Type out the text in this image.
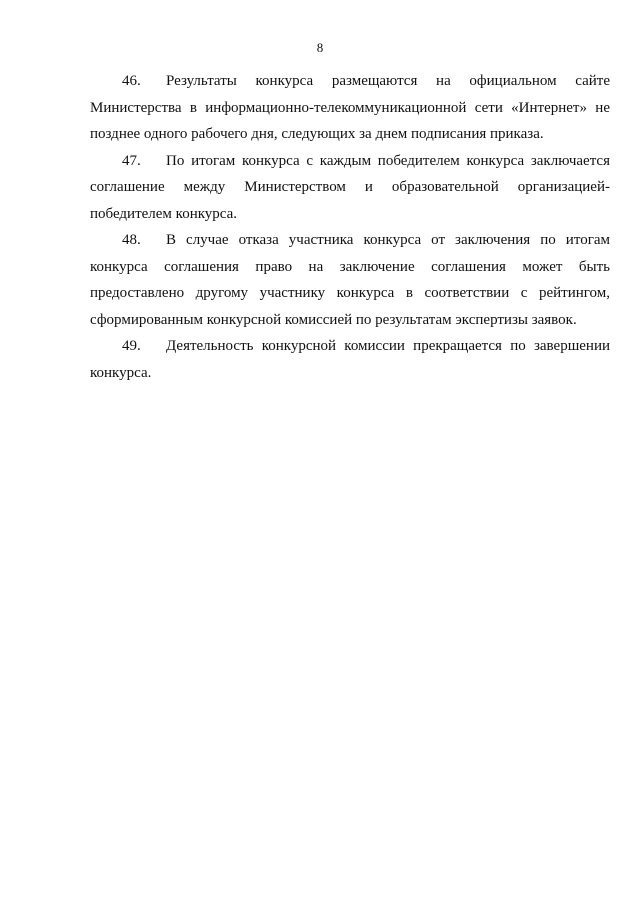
8

46. Результаты конкурса размещаются на официальном сайте Министерства в информационно-телекоммуникационной сети «Интернет» не позднее одного рабочего дня, следующих за днем подписания приказа.

47. По итогам конкурса с каждым победителем конкурса заключается соглашение между Министерством и образовательной организацией-победителем конкурса.

48. В случае отказа участника конкурса от заключения по итогам конкурса соглашения право на заключение соглашения может быть предоставлено другому участнику конкурса в соответствии с рейтингом, сформированным конкурсной комиссией по результатам экспертизы заявок.

49. Деятельность конкурсной комиссии прекращается по завершении конкурса.
